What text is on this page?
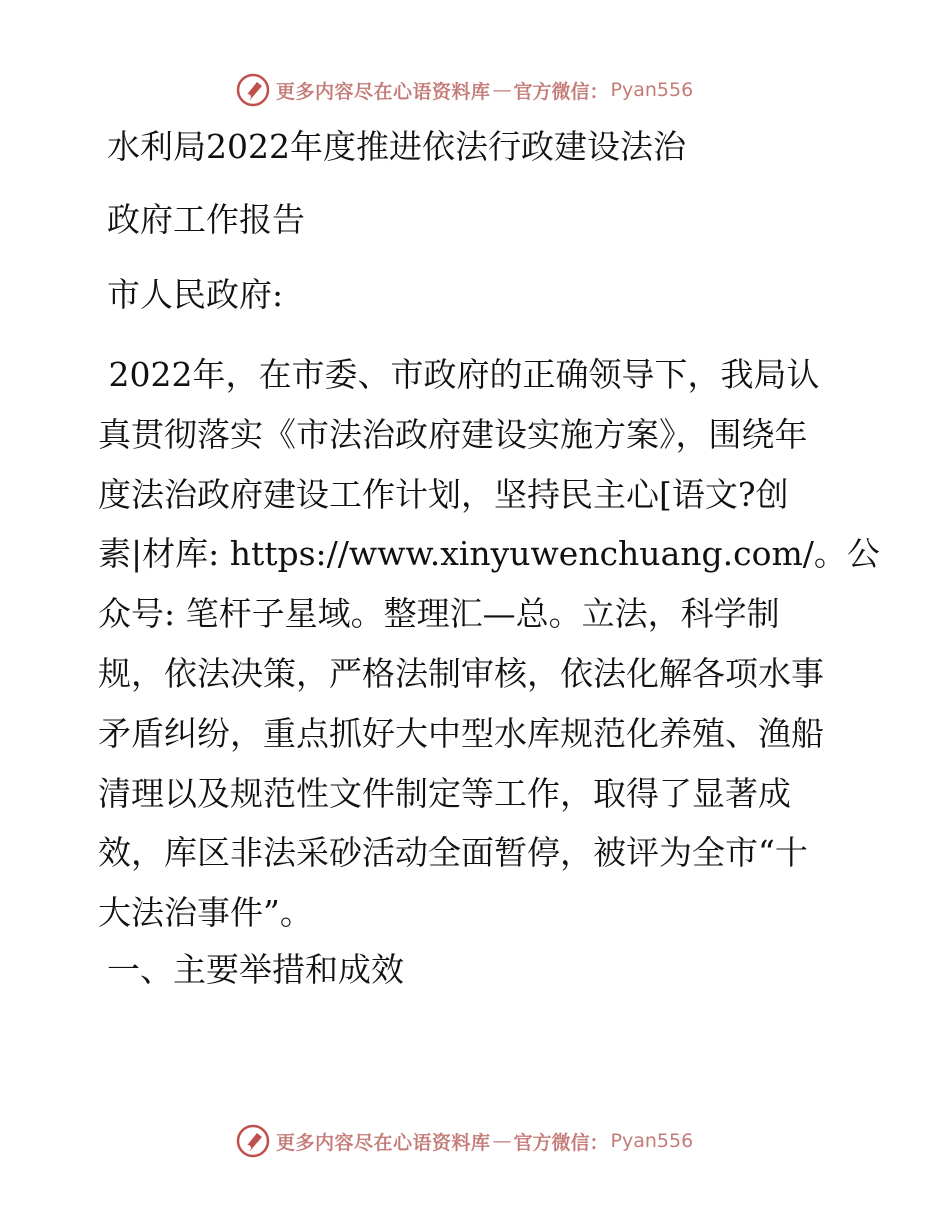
更多内容尽在心语资料库 — 官方微信： Pyan556
水利局2022年度推进依法行政建设法治
政府工作报告
市人民政府:
2022年，在市委、市政府的正确领导下，我局认
真贯彻落实《市法治政府建设实施方案》，围绕年
度法治政府建设工作计划，坚持民主心[语文?创
素|材库: https://www.xinyuwenchuang.com/。公
众号: 笔杆子星域。整理汇—总。立法，科学制
规，依法决策，严格法制审核，依法化解各项水事
矛盾纠纷，重点抓好大中型水库规范化养殖、渔船
清理以及规范性文件制定等工作，取得了显著成
效，库区非法采砂活动全面暂停，被评为全市“十
大法治事件”。
一、主要举措和成效
更多内容尽在心语资料库 — 官方微信： Pyan556
